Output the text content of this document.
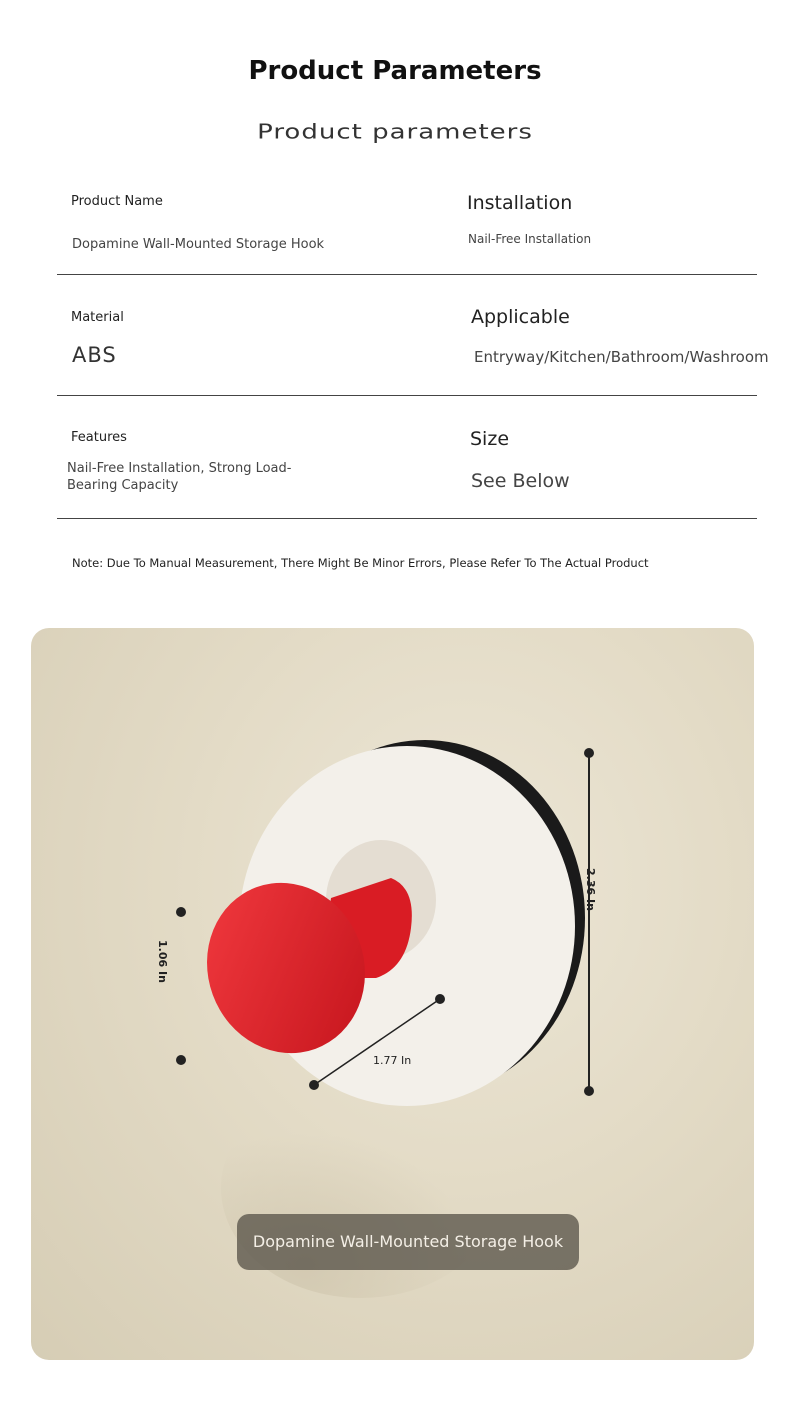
Product Parameters
Product parameters
Product Name
Dopamine Wall-Mounted Storage Hook
Installation
Nail-Free Installation
Material
ABS
Applicable
Entryway/Kitchen/Bathroom/Washroom
Features
Nail-Free Installation, Strong Load-Bearing Capacity
Size
See Below
Note: Due To Manual Measurement, There Might Be Minor Errors, Please Refer To The Actual Product
2.36 In
1.06 In
1.77 In
Dopamine Wall-Mounted Storage Hook
